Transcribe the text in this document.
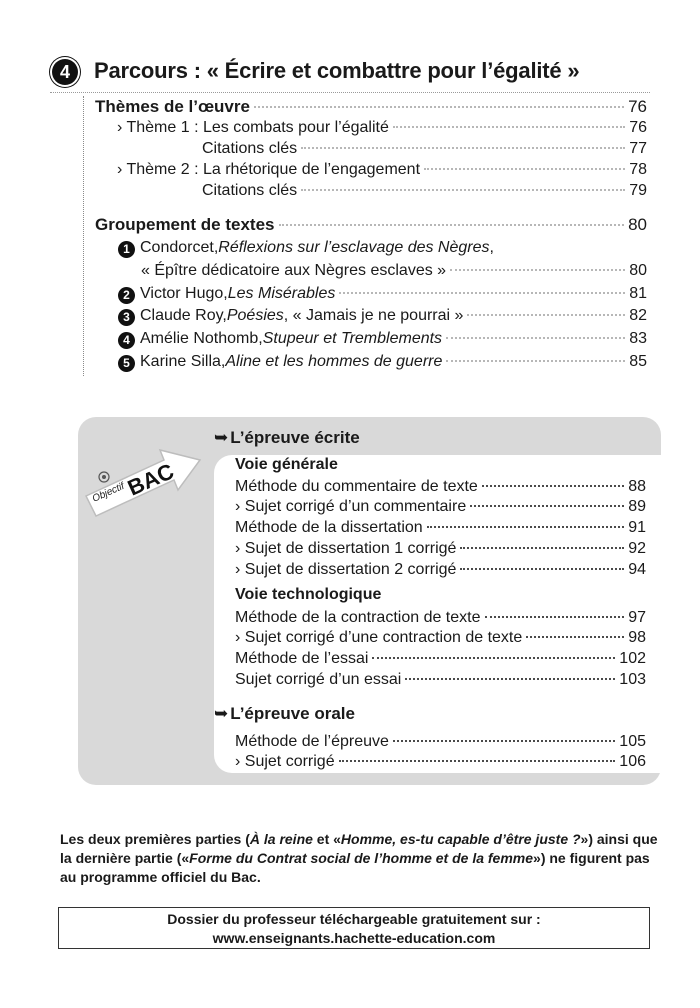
4	Parcours : « Écrire et combattre pour l’égalité »
Thèmes de l’œuvre	76
› Thème 1 : Les combats pour l’égalité	76
Citations clés	77
› Thème 2 : La rhétorique de l’engagement	78
Citations clés	79
Groupement de textes	80
1 Condorcet, Réflexions sur l’esclavage des Nègres ,
« Épître dédicatoire aux Nègres esclaves »	80
2 Victor Hugo, Les Misérables	81
3 Claude Roy, Poésies , « Jamais je ne pourrai »	82
4 Amélie Nothomb, Stupeur et Tremblements	83
5 Karine Silla, Aline et les hommes de guerre	85
Objectif
BAC
➥ L’épreuve écrite
Voie générale
Méthode du commentaire de texte	88
› Sujet corrigé d’un commentaire	89
Méthode de la dissertation	91
› Sujet de dissertation 1 corrigé	92
› Sujet de dissertation 2 corrigé	94
Voie technologique
Méthode de la contraction de texte	97
› Sujet corrigé d’une contraction de texte	98
Méthode de l’essai	102
Sujet corrigé d’un essai	103
➥ L’épreuve orale
Méthode de l’épreuve	105
› Sujet corrigé	106
Les deux premières parties (À la reine et «Homme, es-tu capable d’être juste ?») ainsi que la dernière partie («Forme du Contrat social de l’homme et de la femme») ne figurent pas au programme officiel du Bac.
Dossier du professeur téléchargeable gratuitement sur :
www.enseignants.hachette-education.com
